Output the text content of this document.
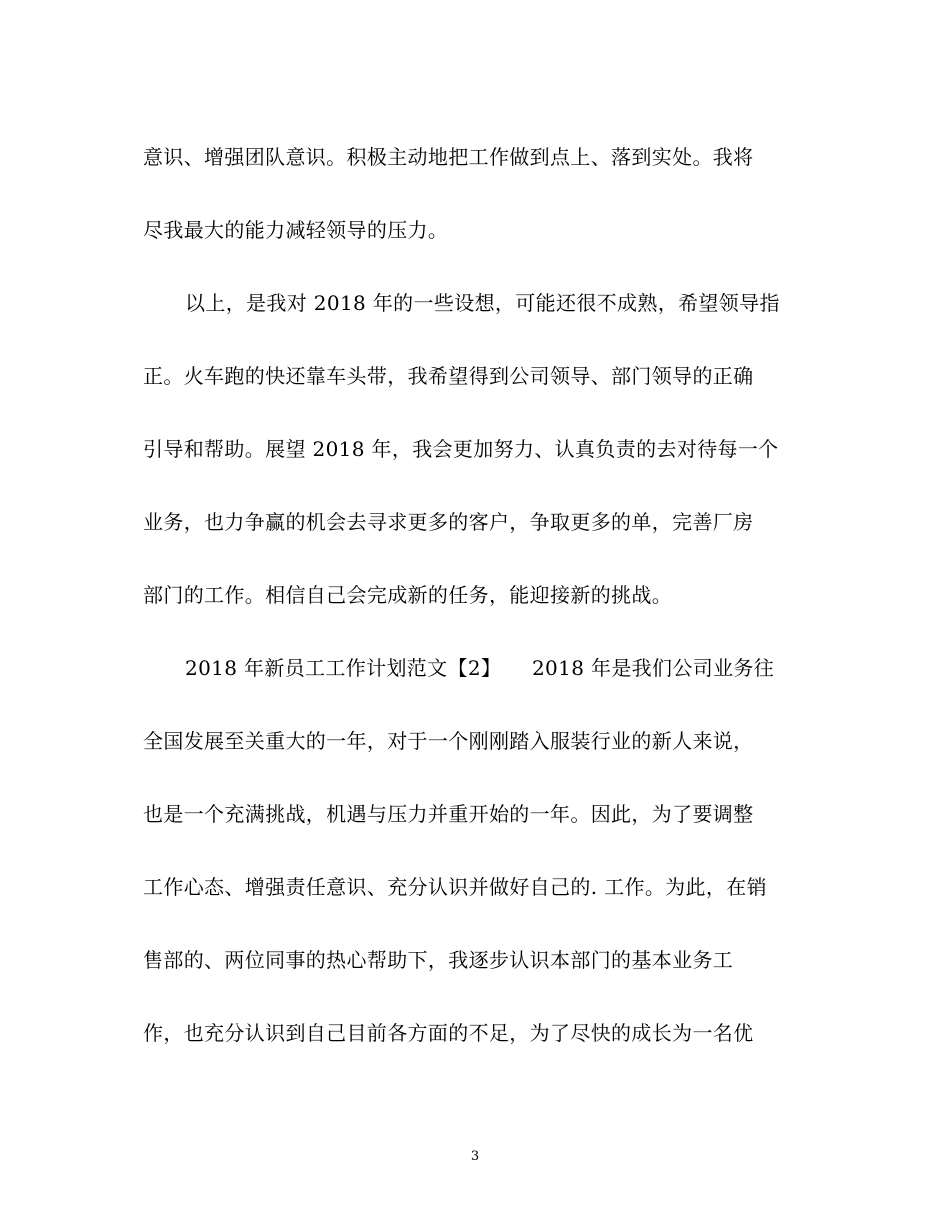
意识、增强团队意识。积极主动地把工作做到点上、落到实处。我将
尽我最大的能力减轻领导的压力。
以上，是我对 2018 年的一些设想，可能还很不成熟，希望领导指
正。火车跑的快还靠车头带，我希望得到公司领导、部门领导的正确
引导和帮助。展望 2018 年，我会更加努力、认真负责的去对待每一个
业务，也力争赢的机会去寻求更多的客户，争取更多的单，完善厂房
部门的工作。相信自己会完成新的任务，能迎接新的挑战。
2018 年新员工工作计划范文【2】　　2018 年是我们公司业务往
全国发展至关重大的一年，对于一个刚刚踏入服装行业的新人来说，
也是一个充满挑战，机遇与压力并重开始的一年。因此，为了要调整
工作心态、增强责任意识、充分认识并做好自己的. 工作。为此，在销
售部的、两位同事的热心帮助下，我逐步认识本部门的基本业务工
作，也充分认识到自己目前各方面的不足，为了尽快的成长为一名优
3
